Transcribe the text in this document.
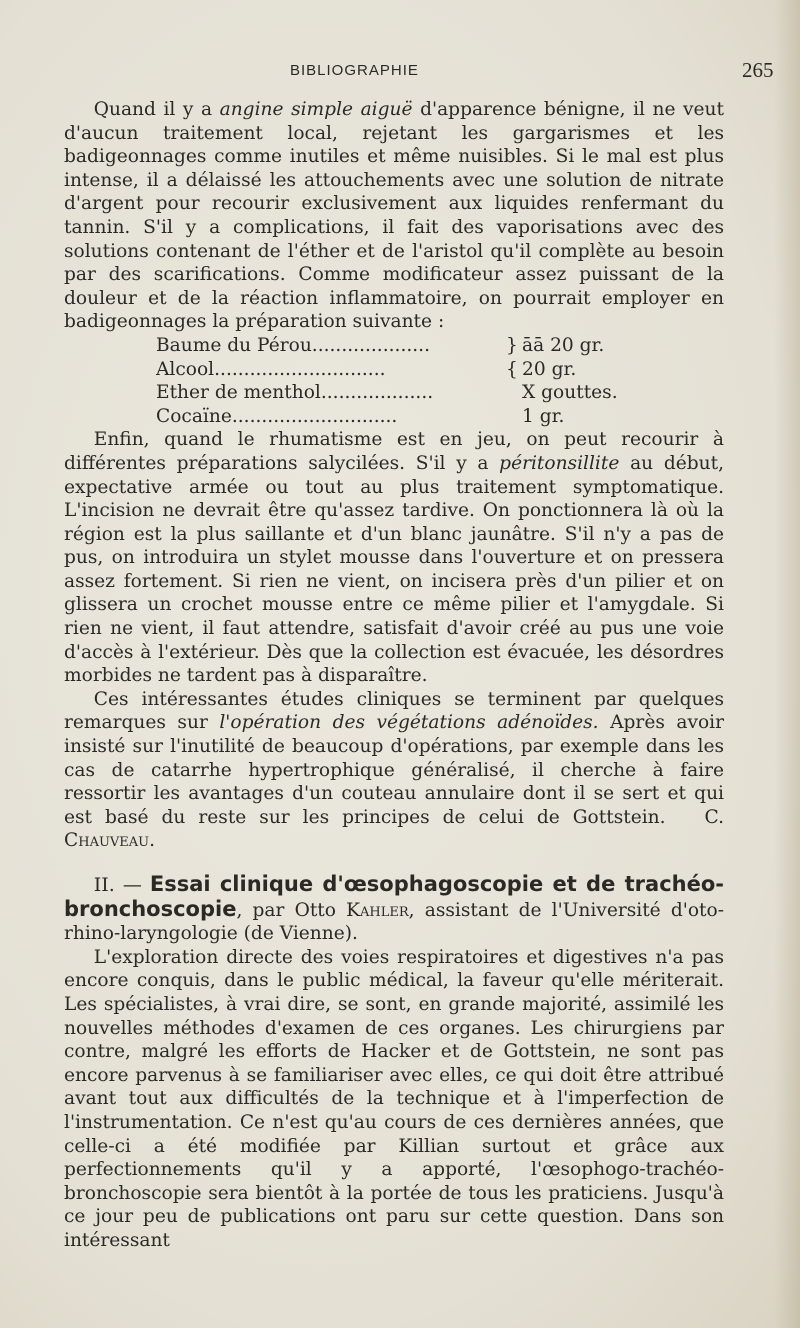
BIBLIOGRAPHIE	265

Quand il y a angine simple aiguë d'apparence bénigne, il ne veut d'aucun traitement local, rejetant les gargarismes et les badigeonnages comme inutiles et même nuisibles. Si le mal est plus intense, il a délaissé les attouchements avec une solution de nitrate d'argent pour recourir exclusivement aux liquides renfermant du tannin. S'il y a complications, il fait des vaporisations avec des solutions contenant de l'éther et de l'aristol qu'il complète au besoin par des scarifications. Comme modificateur assez puissant de la douleur et de la réaction inflammatoire, on pourrait employer en badigeonnages la préparation suivante :

Baume du Pérou....................	} āā 20 gr.
Alcool.............................	{ 20 gr.
Ether de menthol...................	X gouttes.
Cocaïne............................	1 gr.

Enfin, quand le rhumatisme est en jeu, on peut recourir à différentes préparations salycilées. S'il y a péritonsillite au début, expectative armée ou tout au plus traitement symptomatique. L'incision ne devrait être qu'assez tardive. On ponctionnera là où la région est la plus saillante et d'un blanc jaunâtre. S'il n'y a pas de pus, on introduira un stylet mousse dans l'ouverture et on pressera assez fortement. Si rien ne vient, on incisera près d'un pilier et on glissera un crochet mousse entre ce même pilier et l'amygdale. Si rien ne vient, il faut attendre, satisfait d'avoir créé au pus une voie d'accès à l'extérieur. Dès que la collection est évacuée, les désordres morbides ne tardent pas à disparaître.

Ces intéressantes études cliniques se terminent par quelques remarques sur l'opération des végétations adénoïdes. Après avoir insisté sur l'inutilité de beaucoup d'opérations, par exemple dans les cas de catarrhe hypertrophique généralisé, il cherche à faire ressortir les avantages d'un couteau annulaire dont il se sert et qui est basé du reste sur les principes de celui de Gottstein. C. Chauveau.

II. — Essai clinique d'œsophagoscopie et de trachéo-bronchoscopie, par Otto Kahler, assistant de l'Université d'oto-rhino-laryngologie (de Vienne).

L'exploration directe des voies respiratoires et digestives n'a pas encore conquis, dans le public médical, la faveur qu'elle mériterait. Les spécialistes, à vrai dire, se sont, en grande majorité, assimilé les nouvelles méthodes d'examen de ces organes. Les chirurgiens par contre, malgré les efforts de Hacker et de Gottstein, ne sont pas encore parvenus à se familiariser avec elles, ce qui doit être attribué avant tout aux difficultés de la technique et à l'imperfection de l'instrumentation. Ce n'est qu'au cours de ces dernières années, que celle-ci a été modifiée par Killian surtout et grâce aux perfectionnements qu'il y a apporté, l'œsophogo-trachéo-bronchoscopie sera bientôt à la portée de tous les praticiens. Jusqu'à ce jour peu de publications ont paru sur cette question. Dans son intéressant
